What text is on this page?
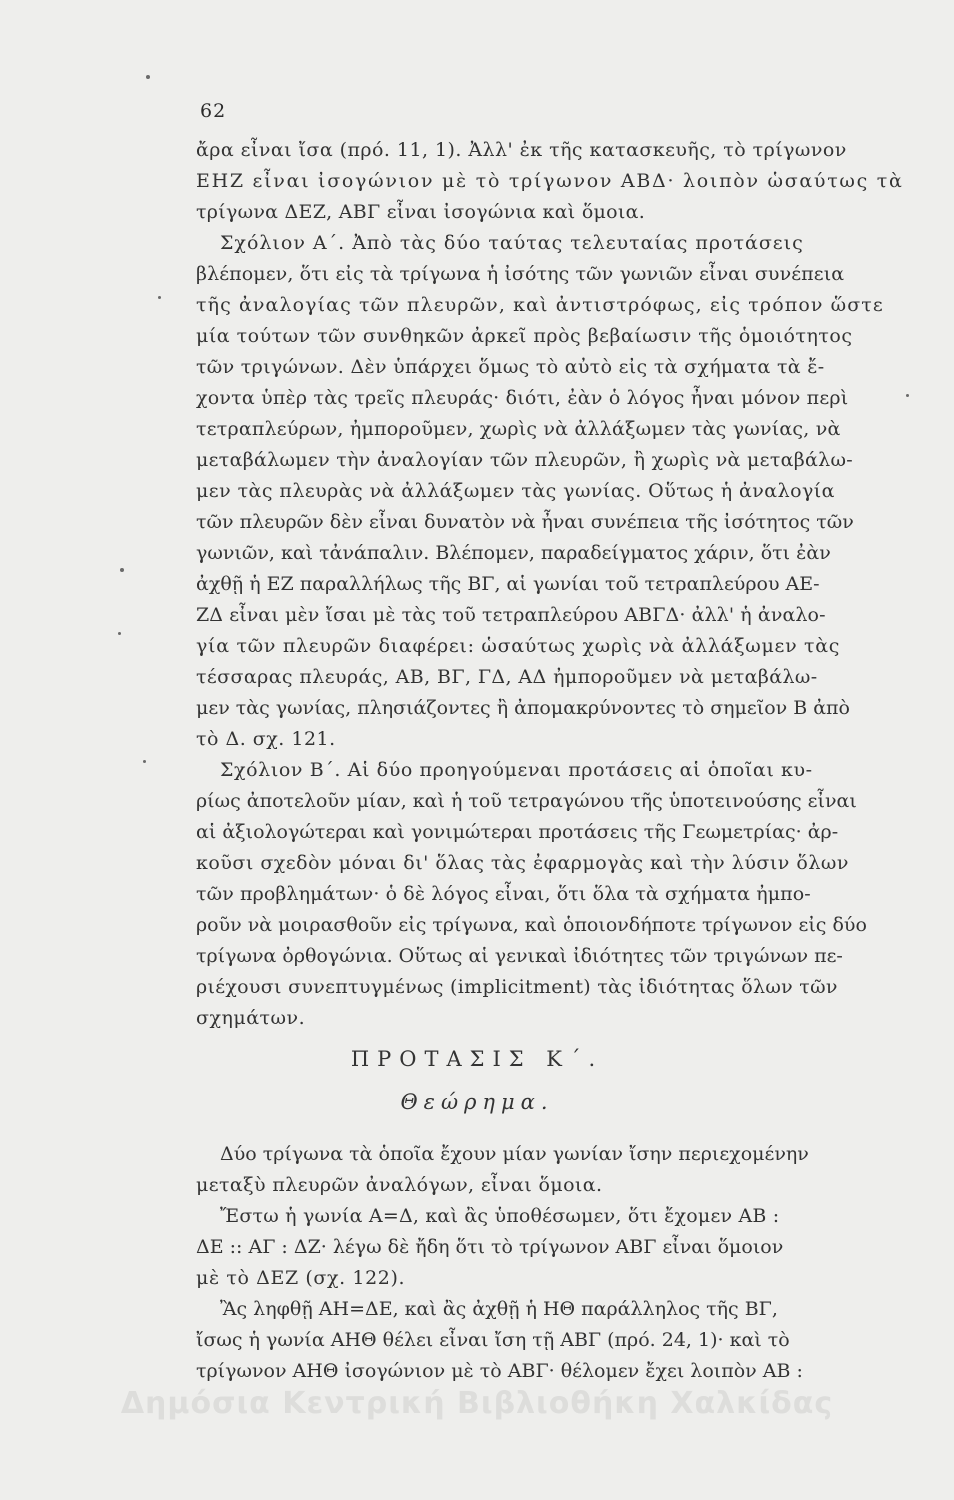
62
ἄρα εἶναι ἴσα (πρό. 11, 1). Ἀλλ' ἐκ τῆς κατασκευῆς, τὸ τρίγωνον
ΕΗΖ εἶναι ἰσογώνιον μὲ τὸ τρίγωνον ΑΒΔ· λοιπὸν ὡσαύτως τὰ
τρίγωνα ΔΕΖ, ΑΒΓ εἶναι ἰσογώνια καὶ ὅμοια.
Σχόλιον Α΄. Ἀπὸ τὰς δύο ταύτας τελευταίας προτάσεις
βλέπομεν, ὅτι εἰς τὰ τρίγωνα ἡ ἰσότης τῶν γωνιῶν εἶναι συνέπεια
τῆς ἀναλογίας τῶν πλευρῶν, καὶ ἀντιστρόφως, εἰς τρόπον ὥστε
μία τούτων τῶν συνθηκῶν ἀρκεῖ πρὸς βεβαίωσιν τῆς ὁμοιότητος
τῶν τριγώνων. Δὲν ὑπάρχει ὅμως τὸ αὐτὸ εἰς τὰ σχήματα τὰ ἔ-
χοντα ὑπὲρ τὰς τρεῖς πλευράς· διότι, ἐὰν ὁ λόγος ἦναι μόνον περὶ
τετραπλεύρων, ἠμποροῦμεν, χωρὶς νὰ ἀλλάξωμεν τὰς γωνίας, νὰ
μεταβάλωμεν τὴν ἀναλογίαν τῶν πλευρῶν, ἢ χωρὶς νὰ μεταβάλω-
μεν τὰς πλευρὰς νὰ ἀλλάξωμεν τὰς γωνίας. Οὕτως ἡ ἀναλογία
τῶν πλευρῶν δὲν εἶναι δυνατὸν νὰ ἦναι συνέπεια τῆς ἰσότητος τῶν
γωνιῶν, καὶ τἀνάπαλιν. Βλέπομεν, παραδείγματος χάριν, ὅτι ἐὰν
ἀχθῇ ἡ ΕΖ παραλλήλως τῆς ΒΓ, αἱ γωνίαι τοῦ τετραπλεύρου ΑΕ-
ΖΔ εἶναι μὲν ἴσαι μὲ τὰς τοῦ τετραπλεύρου ΑΒΓΔ· ἀλλ' ἡ ἀναλο-
γία τῶν πλευρῶν διαφέρει: ὡσαύτως χωρὶς νὰ ἀλλάξωμεν τὰς
τέσσαρας πλευράς, ΑΒ, ΒΓ, ΓΔ, ΑΔ ἠμποροῦμεν νὰ μεταβάλω-
μεν τὰς γωνίας, πλησιάζοντες ἢ ἀπομακρύνοντες τὸ σημεῖον Β ἀπὸ
τὸ Δ. σχ. 121.
Σχόλιον Β΄. Αἱ δύο προηγούμεναι προτάσεις αἱ ὁποῖαι κυ-
ρίως ἀποτελοῦν μίαν, καὶ ἡ τοῦ τετραγώνου τῆς ὑποτεινούσης εἶναι
αἱ ἀξιολογώτεραι καὶ γονιμώτεραι προτάσεις τῆς Γεωμετρίας· ἀρ-
κοῦσι σχεδὸν μόναι δι' ὅλας τὰς ἐφαρμογὰς καὶ τὴν λύσιν ὅλων
τῶν προβλημάτων· ὁ δὲ λόγος εἶναι, ὅτι ὅλα τὰ σχήματα ἠμπο-
ροῦν νὰ μοιρασθοῦν εἰς τρίγωνα, καὶ ὁποιονδήποτε τρίγωνον εἰς δύο
τρίγωνα ὀρθογώνια. Οὕτως αἱ γενικαὶ ἰδιότητες τῶν τριγώνων πε-
ριέχουσι συνεπτυγμένως (implicitment) τὰς ἰδιότητας ὅλων τῶν
σχημάτων.
ΠΡΟΤΑΣΙΣ Κ΄.
Θεώρημα.
Δύο τρίγωνα τὰ ὁποῖα ἔχουν μίαν γωνίαν ἴσην περιεχομένην
μεταξὺ πλευρῶν ἀναλόγων, εἶναι ὅμοια.
Ἔστω ἡ γωνία Α=Δ, καὶ ἂς ὑποθέσωμεν, ὅτι ἔχομεν ΑΒ :
ΔΕ :: ΑΓ : ΔΖ· λέγω δὲ ἤδη ὅτι τὸ τρίγωνον ΑΒΓ εἶναι ὅμοιον
μὲ τὸ ΔΕΖ (σχ. 122).
Ἂς ληφθῇ ΑΗ=ΔΕ, καὶ ἂς ἀχθῇ ἡ ΗΘ παράλληλος τῆς ΒΓ,
ἴσως ἡ γωνία ΑΗΘ θέλει εἶναι ἴση τῇ ΑΒΓ (πρό. 24, 1)· καὶ τὸ
τρίγωνον ΑΗΘ ἰσογώνιον μὲ τὸ ΑΒΓ· θέλομεν ἔχει λοιπὸν ΑΒ :
Δημόσια Κεντρική Βιβλιοθήκη Χαλκίδας
